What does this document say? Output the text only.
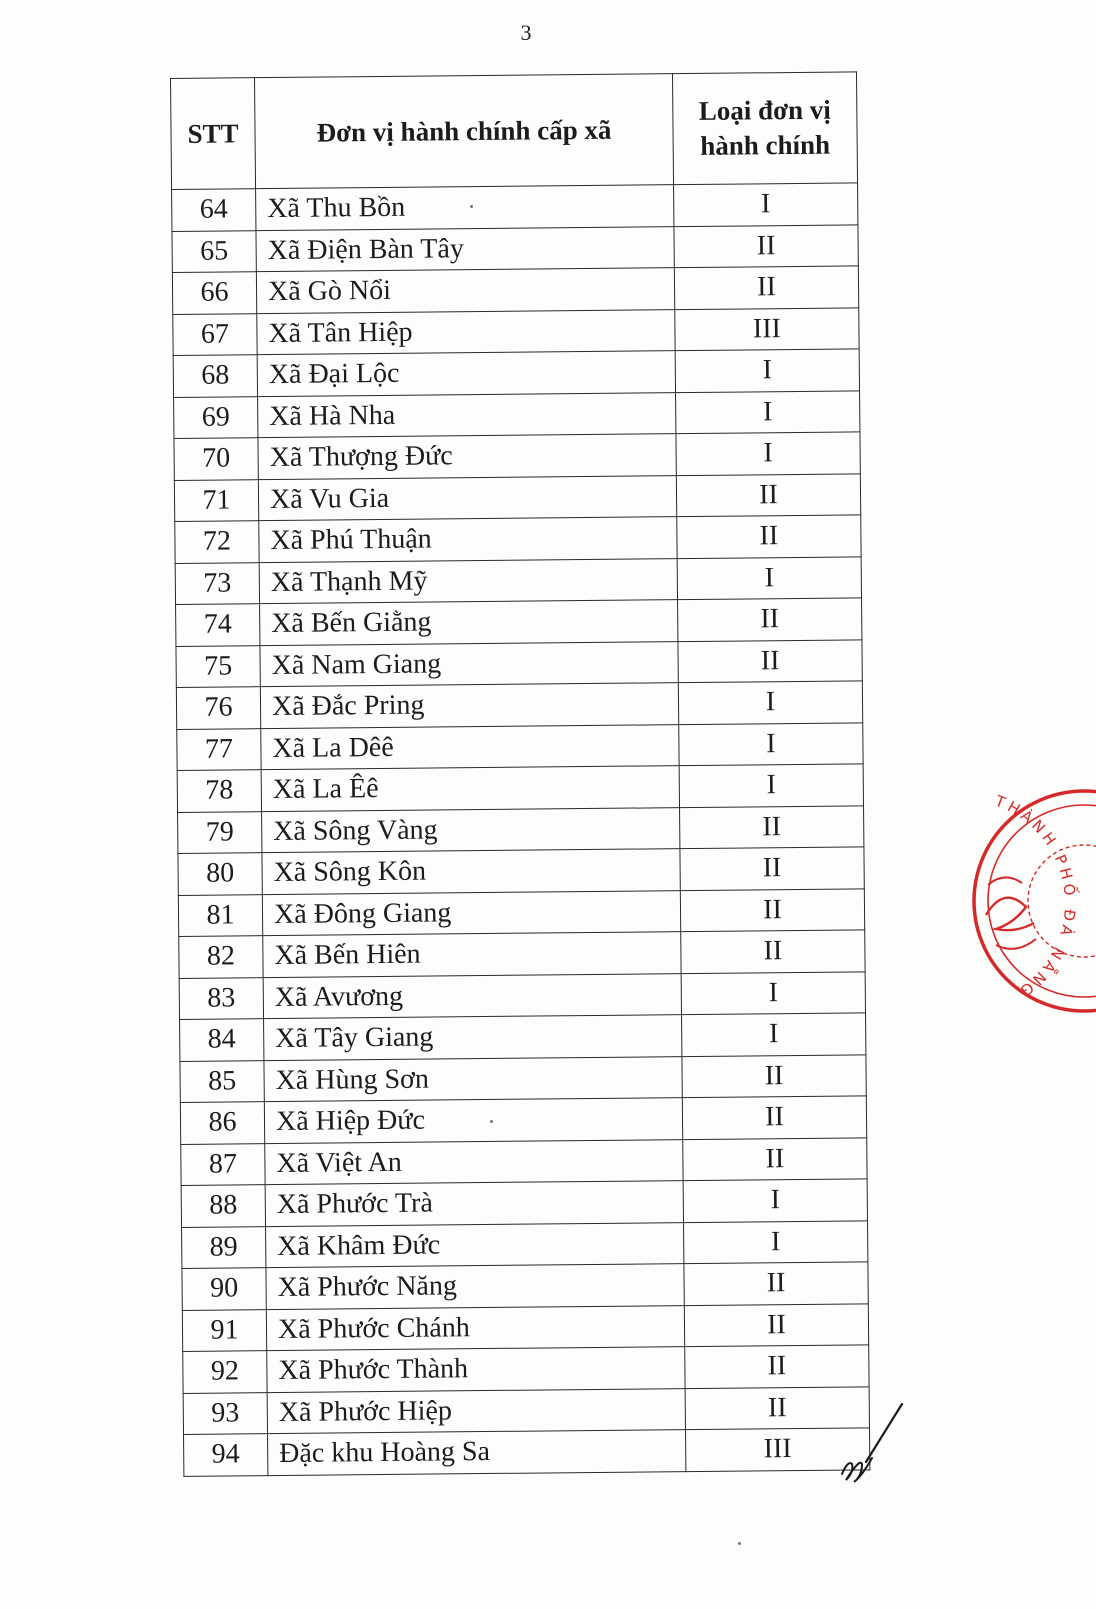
3
STT	Đơn vị hành chính cấp xã	Loại đơn vị
hành chính
64	Xã Thu Bồn	I
65	Xã Điện Bàn Tây	II
66	Xã Gò Nổi	II
67	Xã Tân Hiệp	III
68	Xã Đại Lộc	I
69	Xã Hà Nha	I
70	Xã Thượng Đức	I
71	Xã Vu Gia	II
72	Xã Phú Thuận	II
73	Xã Thạnh Mỹ	I
74	Xã Bến Giằng	II
75	Xã Nam Giang	II
76	Xã Đắc Pring	I
77	Xã La Dêê	I
78	Xã La Êê	I
79	Xã Sông Vàng	II
80	Xã Sông Kôn	II
81	Xã Đông Giang	II
82	Xã Bến Hiên	II
83	Xã Avương	I
84	Xã Tây Giang	I
85	Xã Hùng Sơn	II
86	Xã Hiệp Đức	II
87	Xã Việt An	II
88	Xã Phước Trà	I
89	Xã Khâm Đức	I
90	Xã Phước Năng	II
91	Xã Phước Chánh	II
92	Xã Phước Thành	II
93	Xã Phước Hiệp	II
94	Đặc khu Hoàng Sa	III
THÀNH PHỐ ĐÀ NẴNG
